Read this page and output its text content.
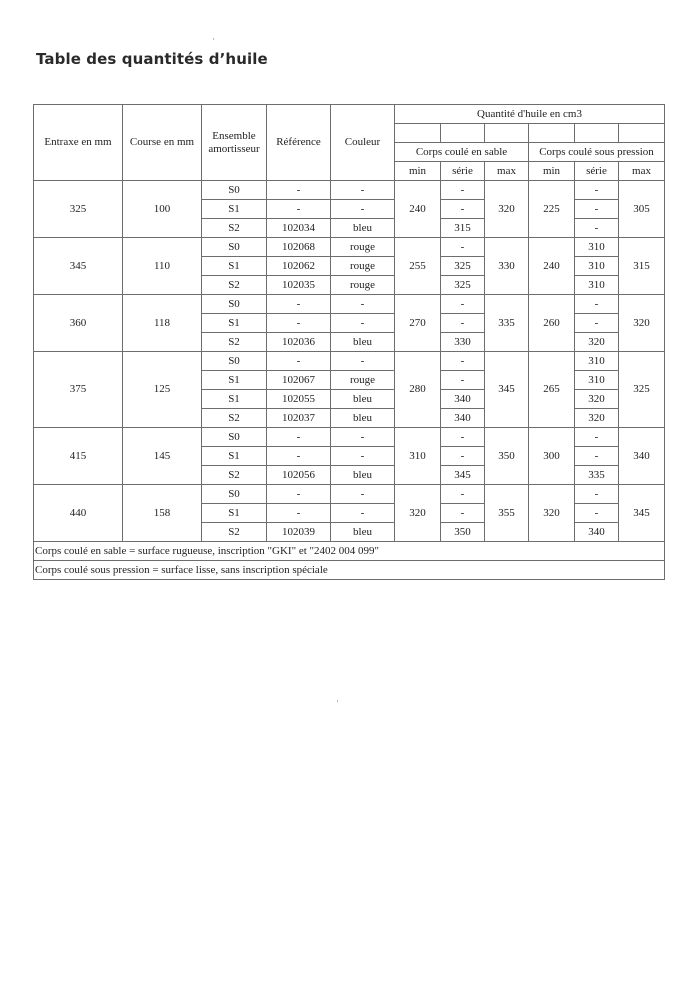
Table des quantités d’huile
Entraxe en mm	Course en mm	Ensemble amortisseur	Référence	Couleur	Quantité d'huile en cm3					

					Corps coulé en sable			Corps coulé sous pression		
					min	série	max	min	série	max
325	100	S0	-	-	240	-	320	225	-	305
		S1	-	-		-			-	
		S2	102034	bleu		315			-	
345	110	S0	102068	rouge	255	-	330	240	310	315
		S1	102062	rouge		325			310	
		S2	102035	rouge		325			310	
360	118	S0	-	-	270	-	335	260	-	320
		S1	-	-		-			-	
		S2	102036	bleu		330			320	
375	125	S0	-	-	280	-	345	265	310	325
		S1	102067	rouge		-			310	
		S1	102055	bleu		340			320	
		S2	102037	bleu		340			320	
415	145	S0	-	-	310	-	350	300	-	340
		S1	-	-		-			-	
		S2	102056	bleu		345			335	
440	158	S0	-	-	320	-	355	320	-	345
		S1	-	-		-			-	
		S2	102039	bleu		350			340	
Corps coulé en sable = surface rugueuse, inscription "GKI" et "2402 004 099"										
Corps coulé sous pression = surface lisse, sans inscription spéciale										
